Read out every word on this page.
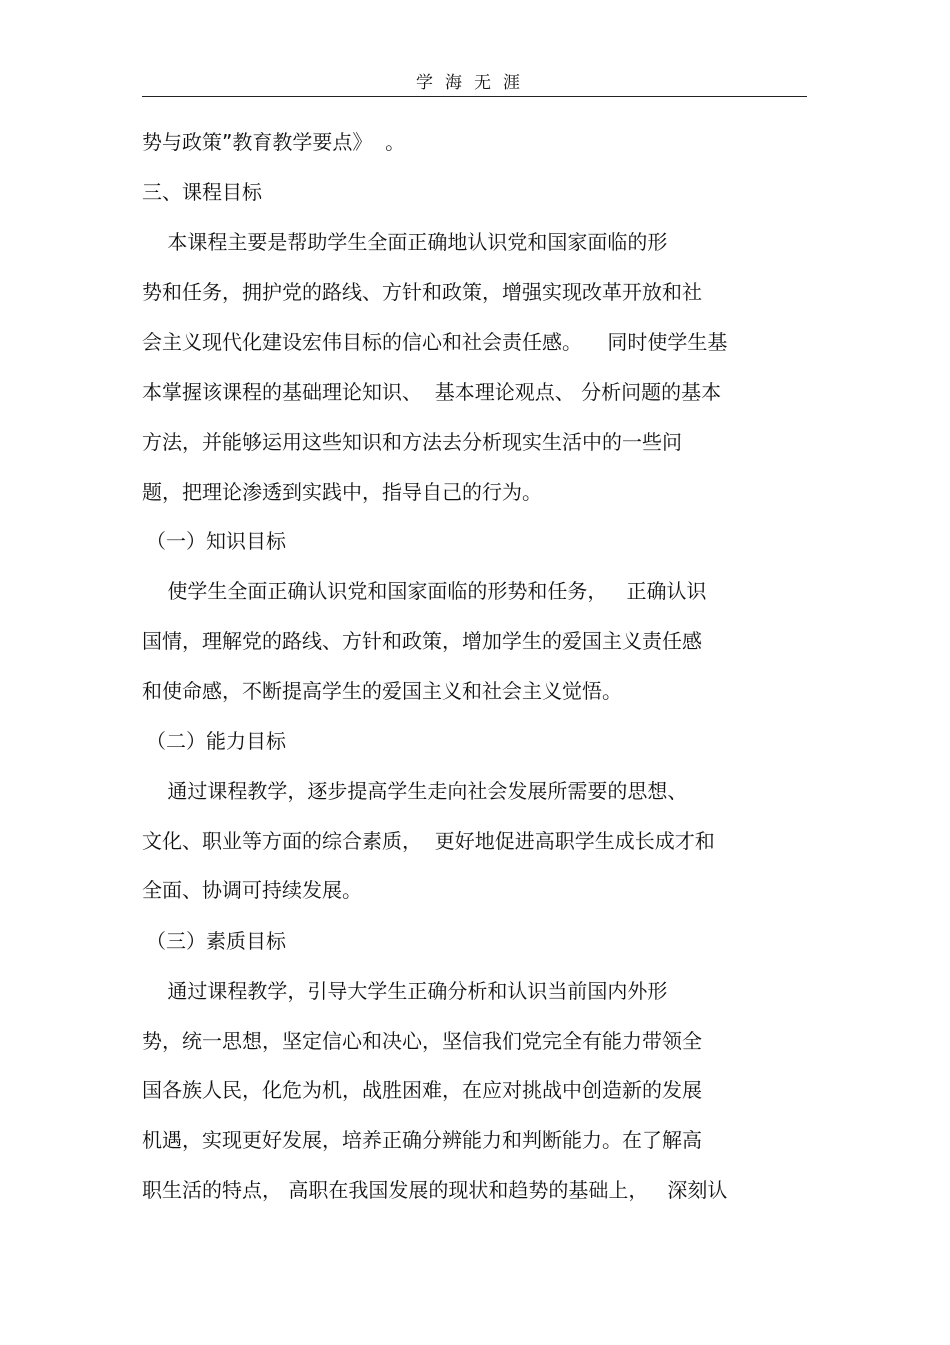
学海无涯
势与政策”教育教学要点》  。
三、课程目标
本课程主要是帮助学生全面正确地认识党和国家面临的形
势和任务，拥护党的路线、方针和政策，增强实现改革开放和社
会主义现代化建设宏伟目标的信心和社会责任感。    同时使学生基
本掌握该课程的基础理论知识、  基本理论观点、 分析问题的基本
方法，并能够运用这些知识和方法去分析现实生活中的一些问
题，把理论渗透到实践中，指导自己的行为。
（一）知识目标
使学生全面正确认识党和国家面临的形势和任务，   正确认识
国情，理解党的路线、方针和政策，增加学生的爱国主义责任感
和使命感，不断提高学生的爱国主义和社会主义觉悟。
（二）能力目标
通过课程教学，逐步提高学生走向社会发展所需要的思想、
文化、职业等方面的综合素质，  更好地促进高职学生成长成才和
全面、协调可持续发展。
（三）素质目标
通过课程教学，引导大学生正确分析和认识当前国内外形
势，统一思想，坚定信心和决心，坚信我们党完全有能力带领全
国各族人民，化危为机，战胜困难，在应对挑战中创造新的发展
机遇，实现更好发展，培养正确分辨能力和判断能力。在了解高
职生活的特点， 高职在我国发展的现状和趋势的基础上，   深刻认
